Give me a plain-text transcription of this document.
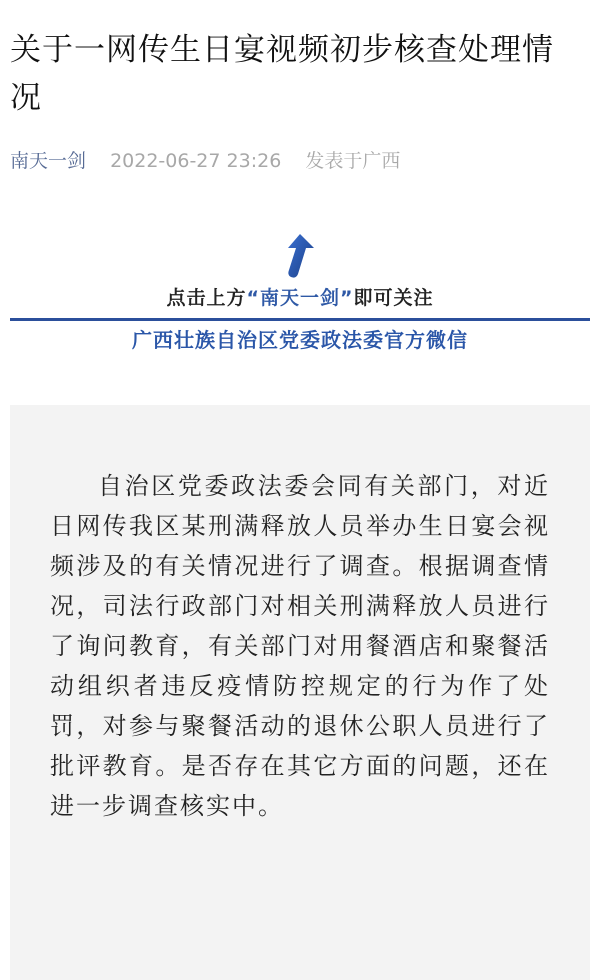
关于一网传生日宴视频初步核查处理情况
南天一剑 2022-06-27 23:26 发表于广西
点击上方“南天一剑”即可关注
广西壮族自治区党委政法委官方微信

自治区党委政法委会同有关部门，对近日网传我区某刑满释放人员举办生日宴会视频涉及的有关情况进行了调查。根据调查情况，司法行政部门对相关刑满释放人员进行了询问教育，有关部门对用餐酒店和聚餐活动组织者违反疫情防控规定的行为作了处罚，对参与聚餐活动的退休公职人员进行了批评教育。是否存在其它方面的问题，还在进一步调查核实中。
